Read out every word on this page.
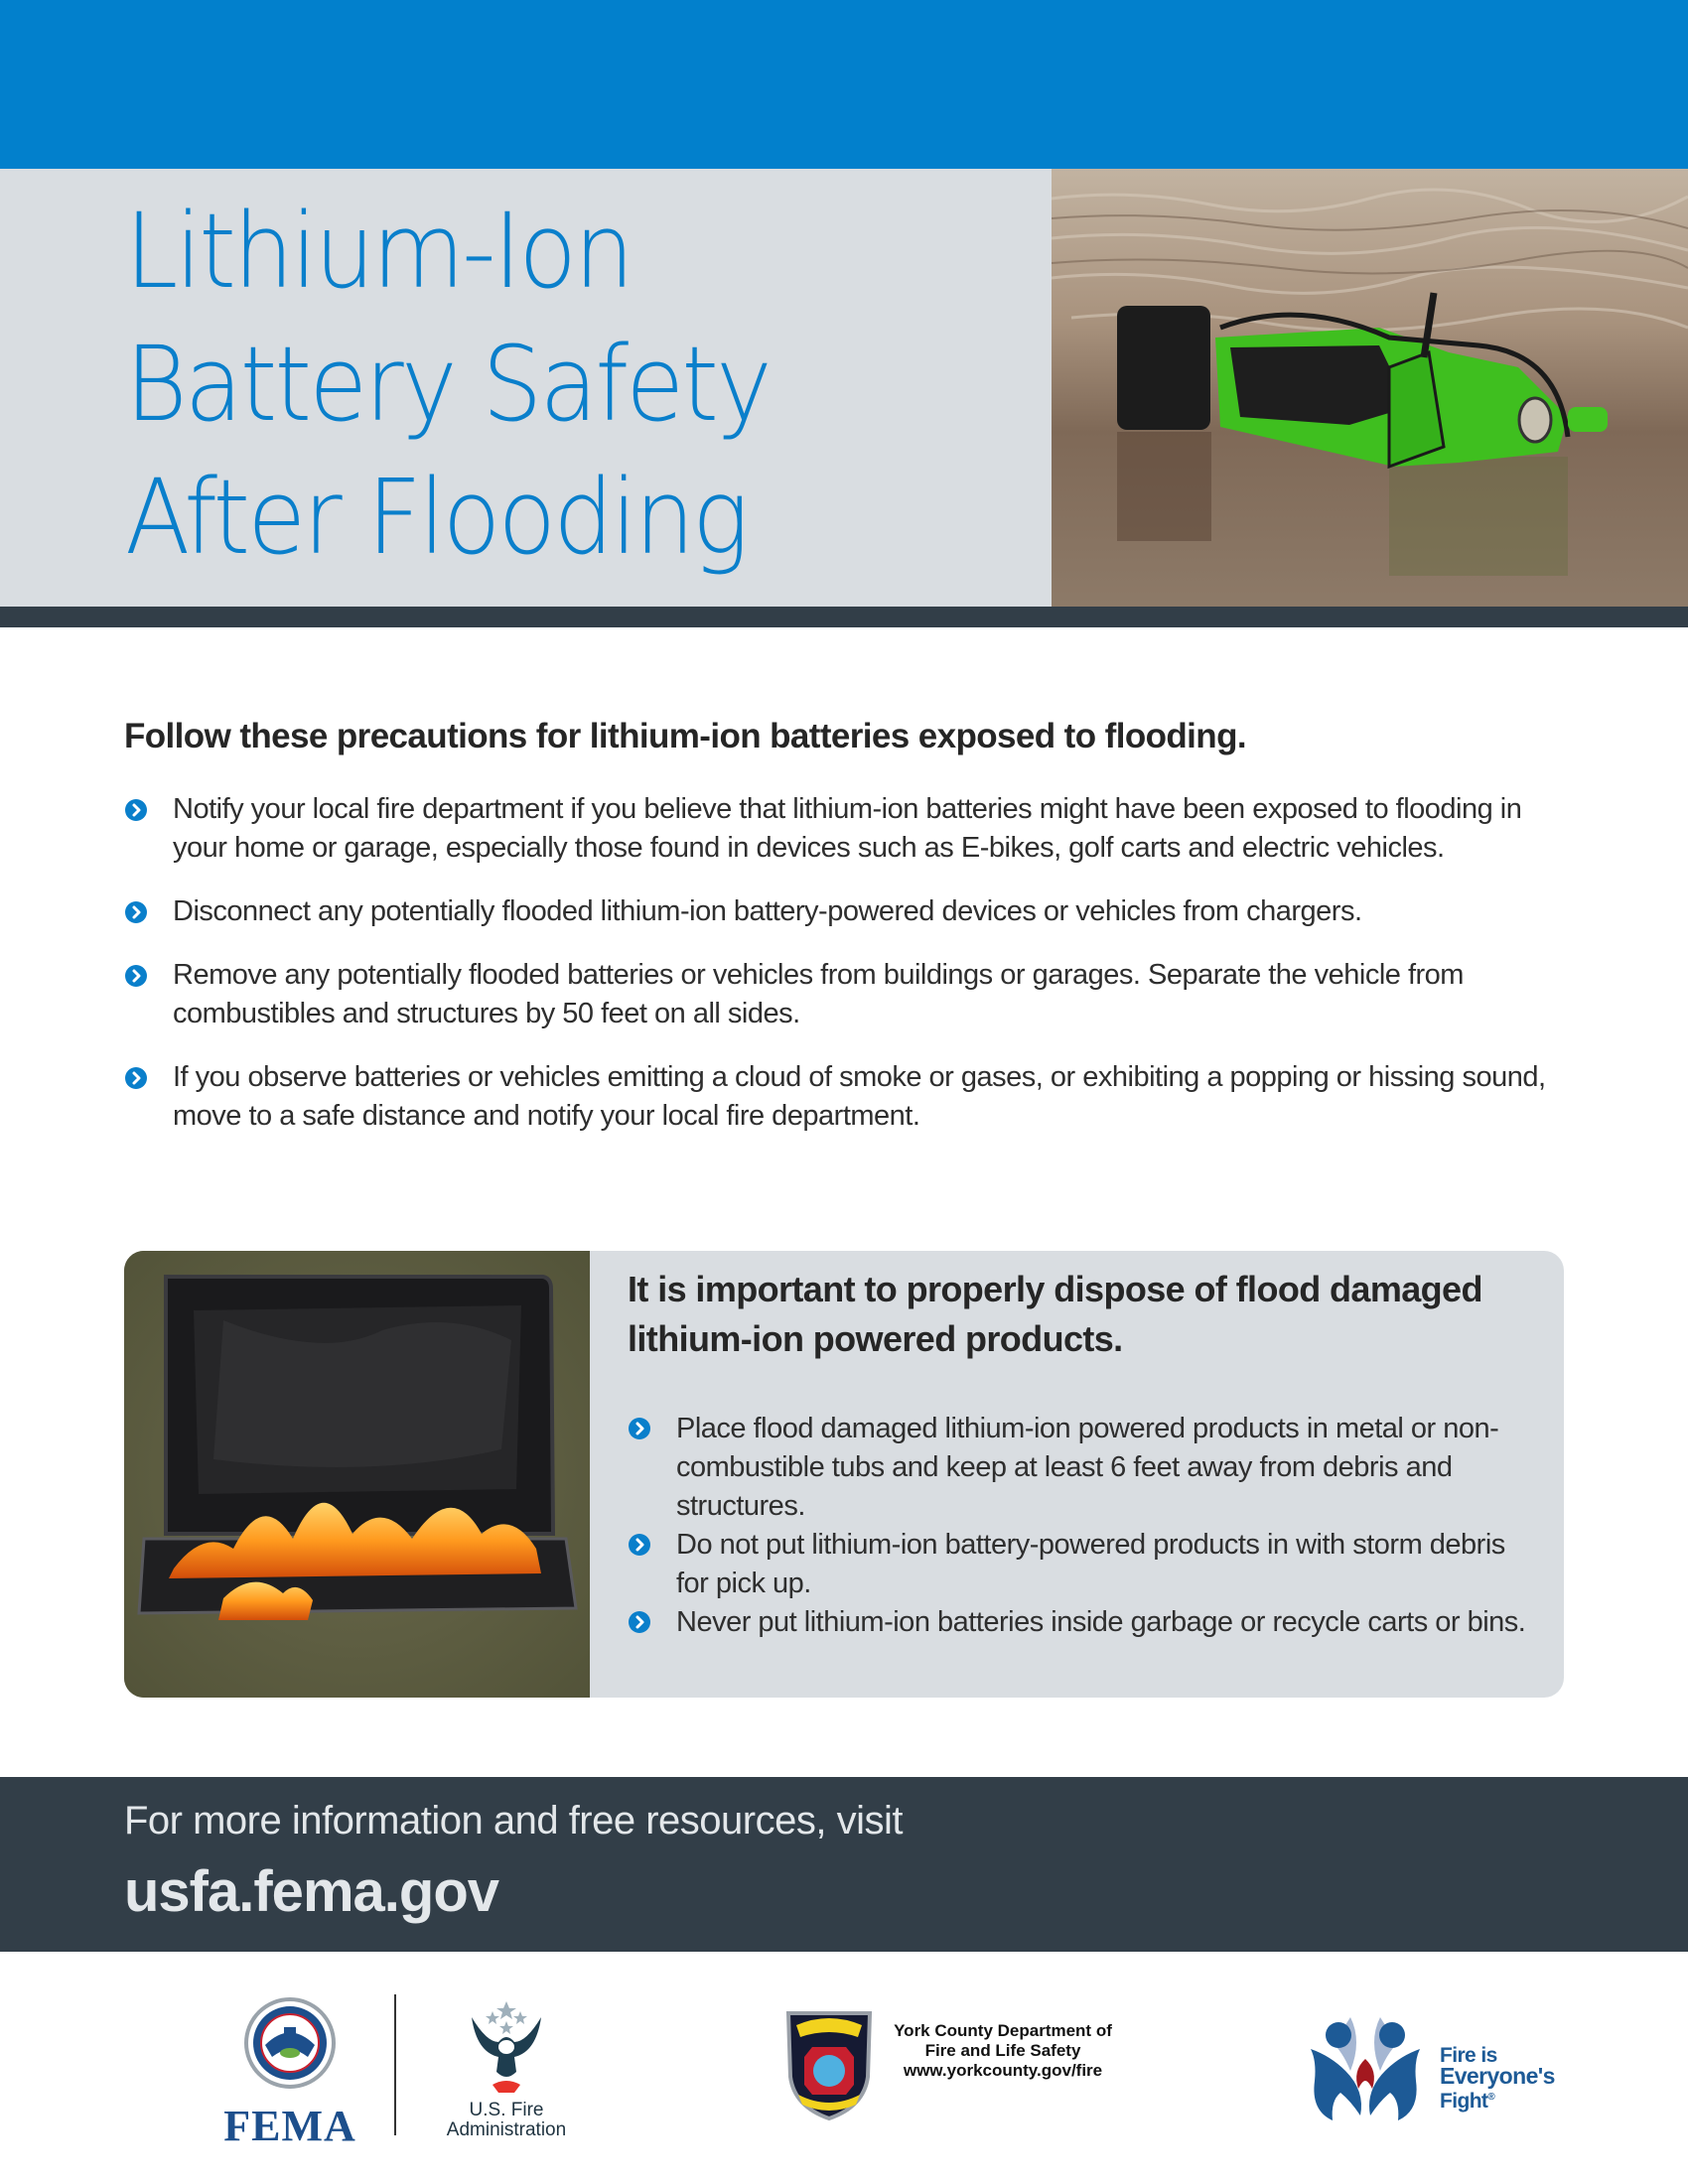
Lithium-Ion
Battery Safety
After Flooding
Follow these precautions for lithium-ion batteries exposed to flooding.
Notify your local fire department if you believe that lithium-ion batteries might have been exposed to flooding in your home or garage, especially those found in devices such as E-bikes, golf carts and electric vehicles.
Disconnect any potentially flooded lithium-ion battery-powered devices or vehicles from chargers.
Remove any potentially flooded batteries or vehicles from buildings or garages. Separate the vehicle from combustibles and structures by 50 feet on all sides.
If you observe batteries or vehicles emitting a cloud of smoke or gases, or exhibiting a popping or hissing sound, move to a safe distance and notify your local fire department.
It is important to properly dispose of flood damaged lithium-ion powered products.
Place flood damaged lithium-ion powered products in metal or non-combustible tubs and keep at least 6 feet away from debris and structures.
Do not put lithium-ion battery-powered products in with storm debris for pick up.
Never put lithium-ion batteries inside garbage or recycle carts or bins.

For more information and free resources, visit

usfa.fema.gov
FEMA	U.S. Fire
Administration
York County Department of
Fire and Life Safety
www.yorkcounty.gov/fire
Fire is
Everyone's
Fight®
